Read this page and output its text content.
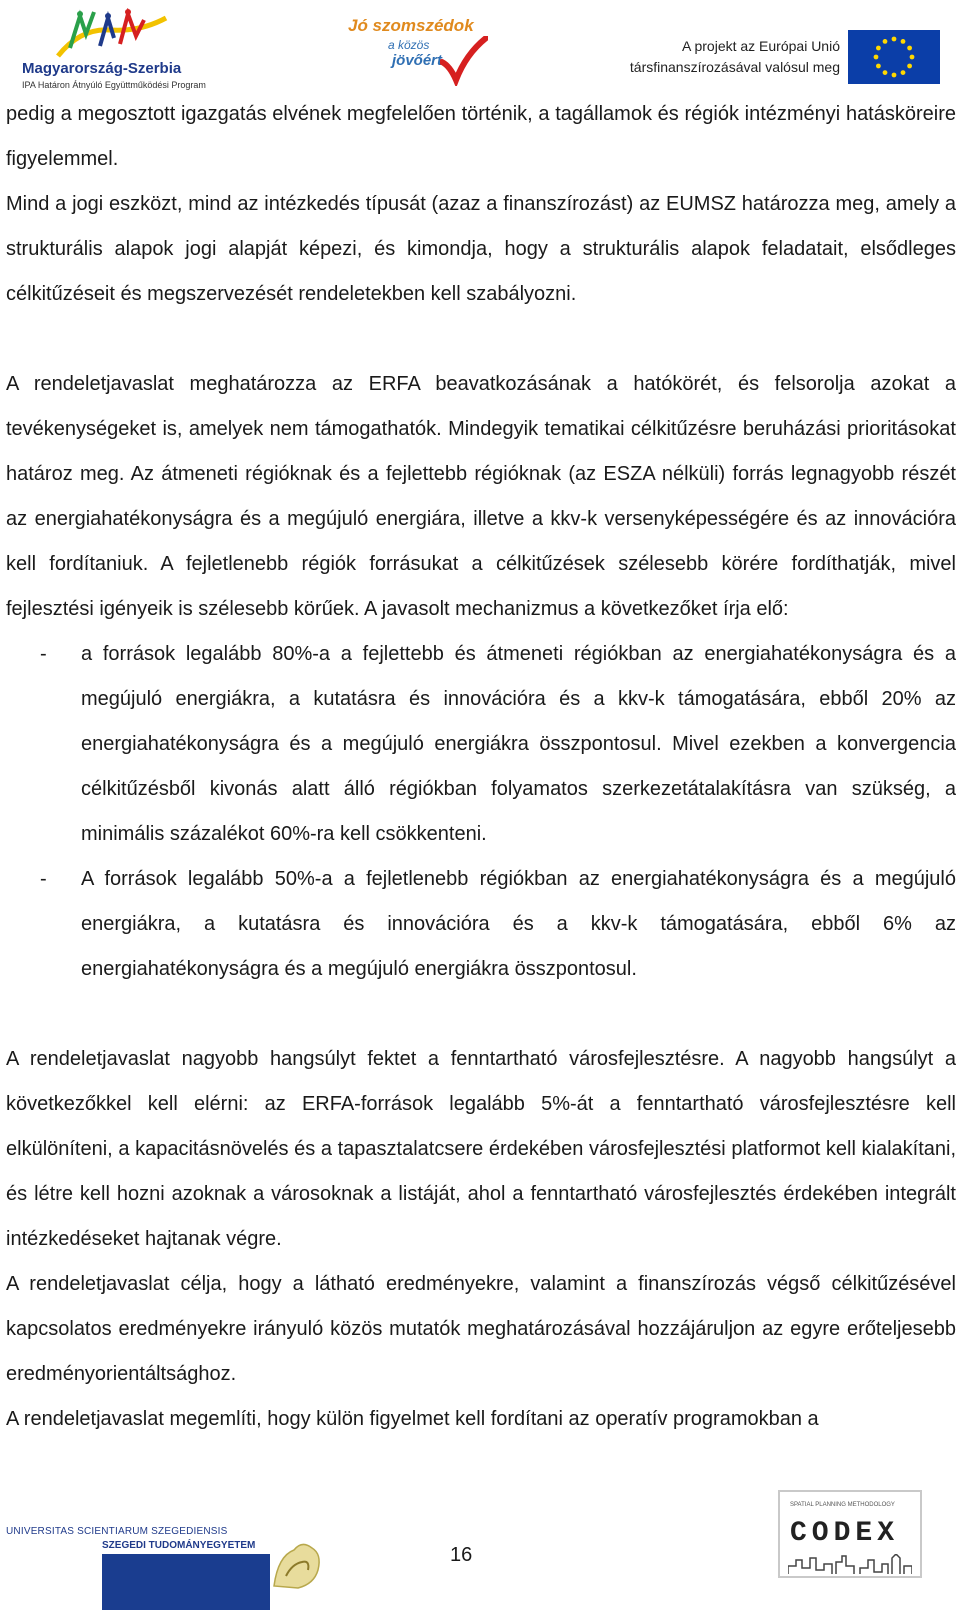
Magyarország-Szerbia
IPA Határon Átnyúló Együttműködési Program
Jó szomszédok
a közös
jövőért
A projekt az Európai Unió
társfinanszírozásával valósul meg

pedig a megosztott igazgatás elvének megfelelően történik, a tagállamok és régiók intézményi hatásköreire figyelemmel.

Mind a jogi eszközt, mind az intézkedés típusát (azaz a finanszírozást) az EUMSZ határozza meg, amely a strukturális alapok jogi alapját képezi, és kimondja, hogy a strukturális alapok feladatait, elsődleges célkitűzéseit és megszervezését rendeletekben kell szabályozni.

A rendeletjavaslat meghatározza az ERFA beavatkozásának a hatókörét, és felsorolja azokat a tevékenységeket is, amelyek nem támogathatók. Mindegyik tematikai célkitűzésre beruházási prioritásokat határoz meg. Az átmeneti régióknak és a fejlettebb régióknak (az ESZA nélküli) forrás legnagyobb részét az energiahatékonyságra és a megújuló energiára, illetve a kkv-k versenyképességére és az innovációra kell fordítaniuk. A fejletlenebb régiók forrásukat a célkitűzések szélesebb körére fordíthatják, mivel fejlesztési igényeik is szélesebb körűek. A javasolt mechanizmus a következőket írja elő:

- a források legalább 80%-a a fejlettebb és átmeneti régiókban az energiahatékonyságra és a megújuló energiákra, a kutatásra és innovációra és a kkv-k támogatására, ebből 20% az energiahatékonyságra és a megújuló energiákra összpontosul. Mivel ezekben a konvergencia célkitűzésből kivonás alatt álló régiókban folyamatos szerkezetátalakításra van szükség, a minimális százalékot 60%-ra kell csökkenteni.
- A források legalább 50%-a a fejletlenebb régiókban az energiahatékonyságra és a megújuló energiákra, a kutatásra és innovációra és a kkv-k támogatására, ebből 6% az energiahatékonyságra és a megújuló energiákra összpontosul.

A rendeletjavaslat nagyobb hangsúlyt fektet a fenntartható városfejlesztésre. A nagyobb hangsúlyt a következőkkel kell elérni: az ERFA-források legalább 5%-át a fenntartható városfejlesztésre kell elkülöníteni, a kapacitásnövelés és a tapasztalatcsere érdekében városfejlesztési platformot kell kialakítani, és létre kell hozni azoknak a városoknak a listáját, ahol a fenntartható városfejlesztés érdekében integrált intézkedéseket hajtanak végre.

A rendeletjavaslat célja, hogy a látható eredményekre, valamint a finanszírozás végső célkitűzésével kapcsolatos eredményekre irányuló közös mutatók meghatározásával hozzájáruljon az egyre erőteljesebb eredményorientáltsághoz.

A rendeletjavaslat megemlíti, hogy külön figyelmet kell fordítani az operatív programokban a

UNIVERSITAS SCIENTIARUM SZEGEDIENSIS
SZEGEDI TUDOMÁNYEGYETEM	16
SPATIAL PLANNING METHODOLOGY
CODEX
